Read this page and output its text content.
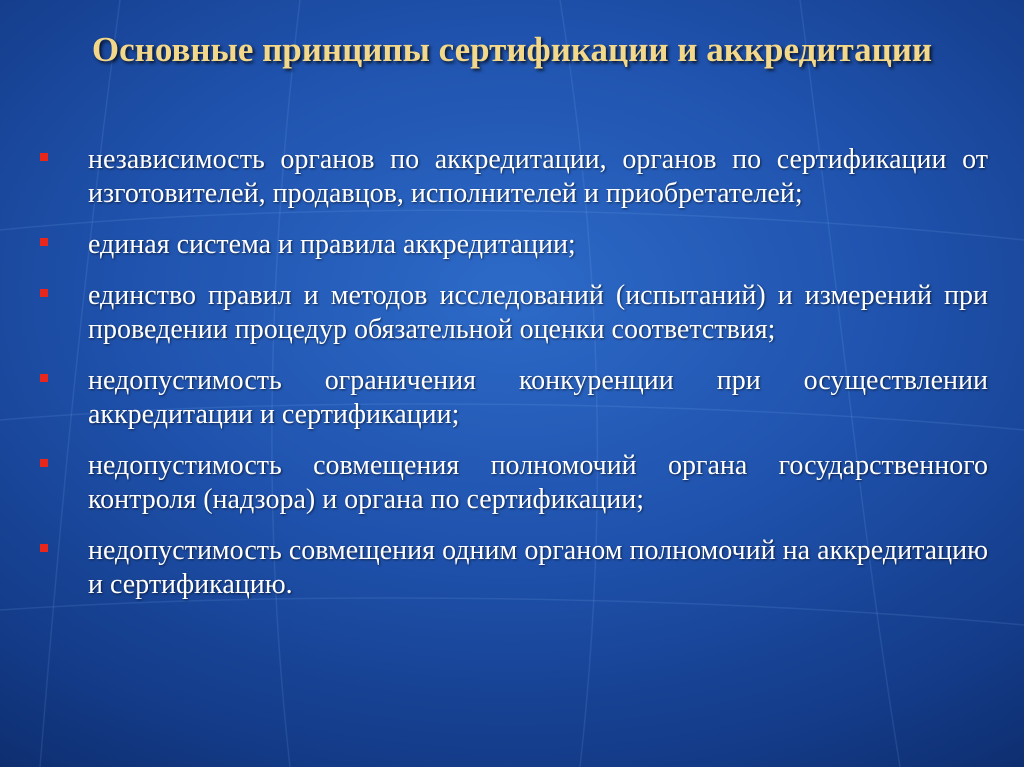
Основные принципы сертификации и аккредитации
независимость органов по аккредитации, органов по сертификации от изготовителей, продавцов, исполнителей и приобретателей;
единая система и правила аккредитации;
единство правил и методов исследований (испытаний) и измерений при проведении процедур обязательной оценки соответствия;
недопустимость ограничения конкуренции при осуществлении аккредитации и сертификации;
недопустимость совмещения полномочий органа государственного контроля (надзора) и органа по сертификации;
недопустимость совмещения одним органом полномочий на аккредитацию и сертификацию.
